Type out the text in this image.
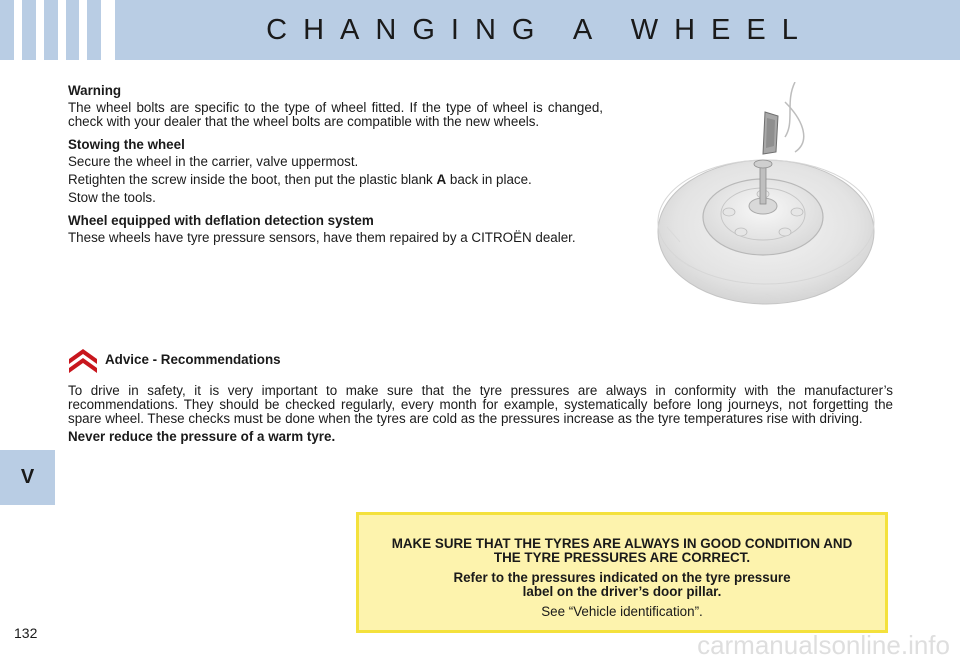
CHANGING A WHEEL
V
132
Warning

The wheel bolts are specific to the type of wheel fitted. If the type of wheel is changed, check with your dealer that the wheel bolts are compatible with the new wheels.

Stowing the wheel

Secure the wheel in the carrier, valve uppermost.

Retighten the screw inside the boot, then put the plastic blank A back in place.

Stow the tools.

Wheel equipped with deflation detection system

These wheels have tyre pressure sensors, have them repaired by a CITROËN dealer.

Advice - Recommendations

To drive in safety, it is very important to make sure that the tyre pressures are always in conformity with the manufacturer’s recommendations. They should be checked regularly, every month for example, systematically before long journeys, not forgetting the spare wheel. These checks must be done when the tyres are cold as the pressures increase as the tyre temperatures rise with driving.

Never reduce the pressure of a warm tyre.

MAKE SURE THAT THE TYRES ARE ALWAYS IN GOOD CONDITION AND THE TYRE PRESSURES ARE CORRECT.

Refer to the pressures indicated on the tyre pressure label on the driver’s door pillar.

See “Vehicle identification”.

carmanualsonline.info
